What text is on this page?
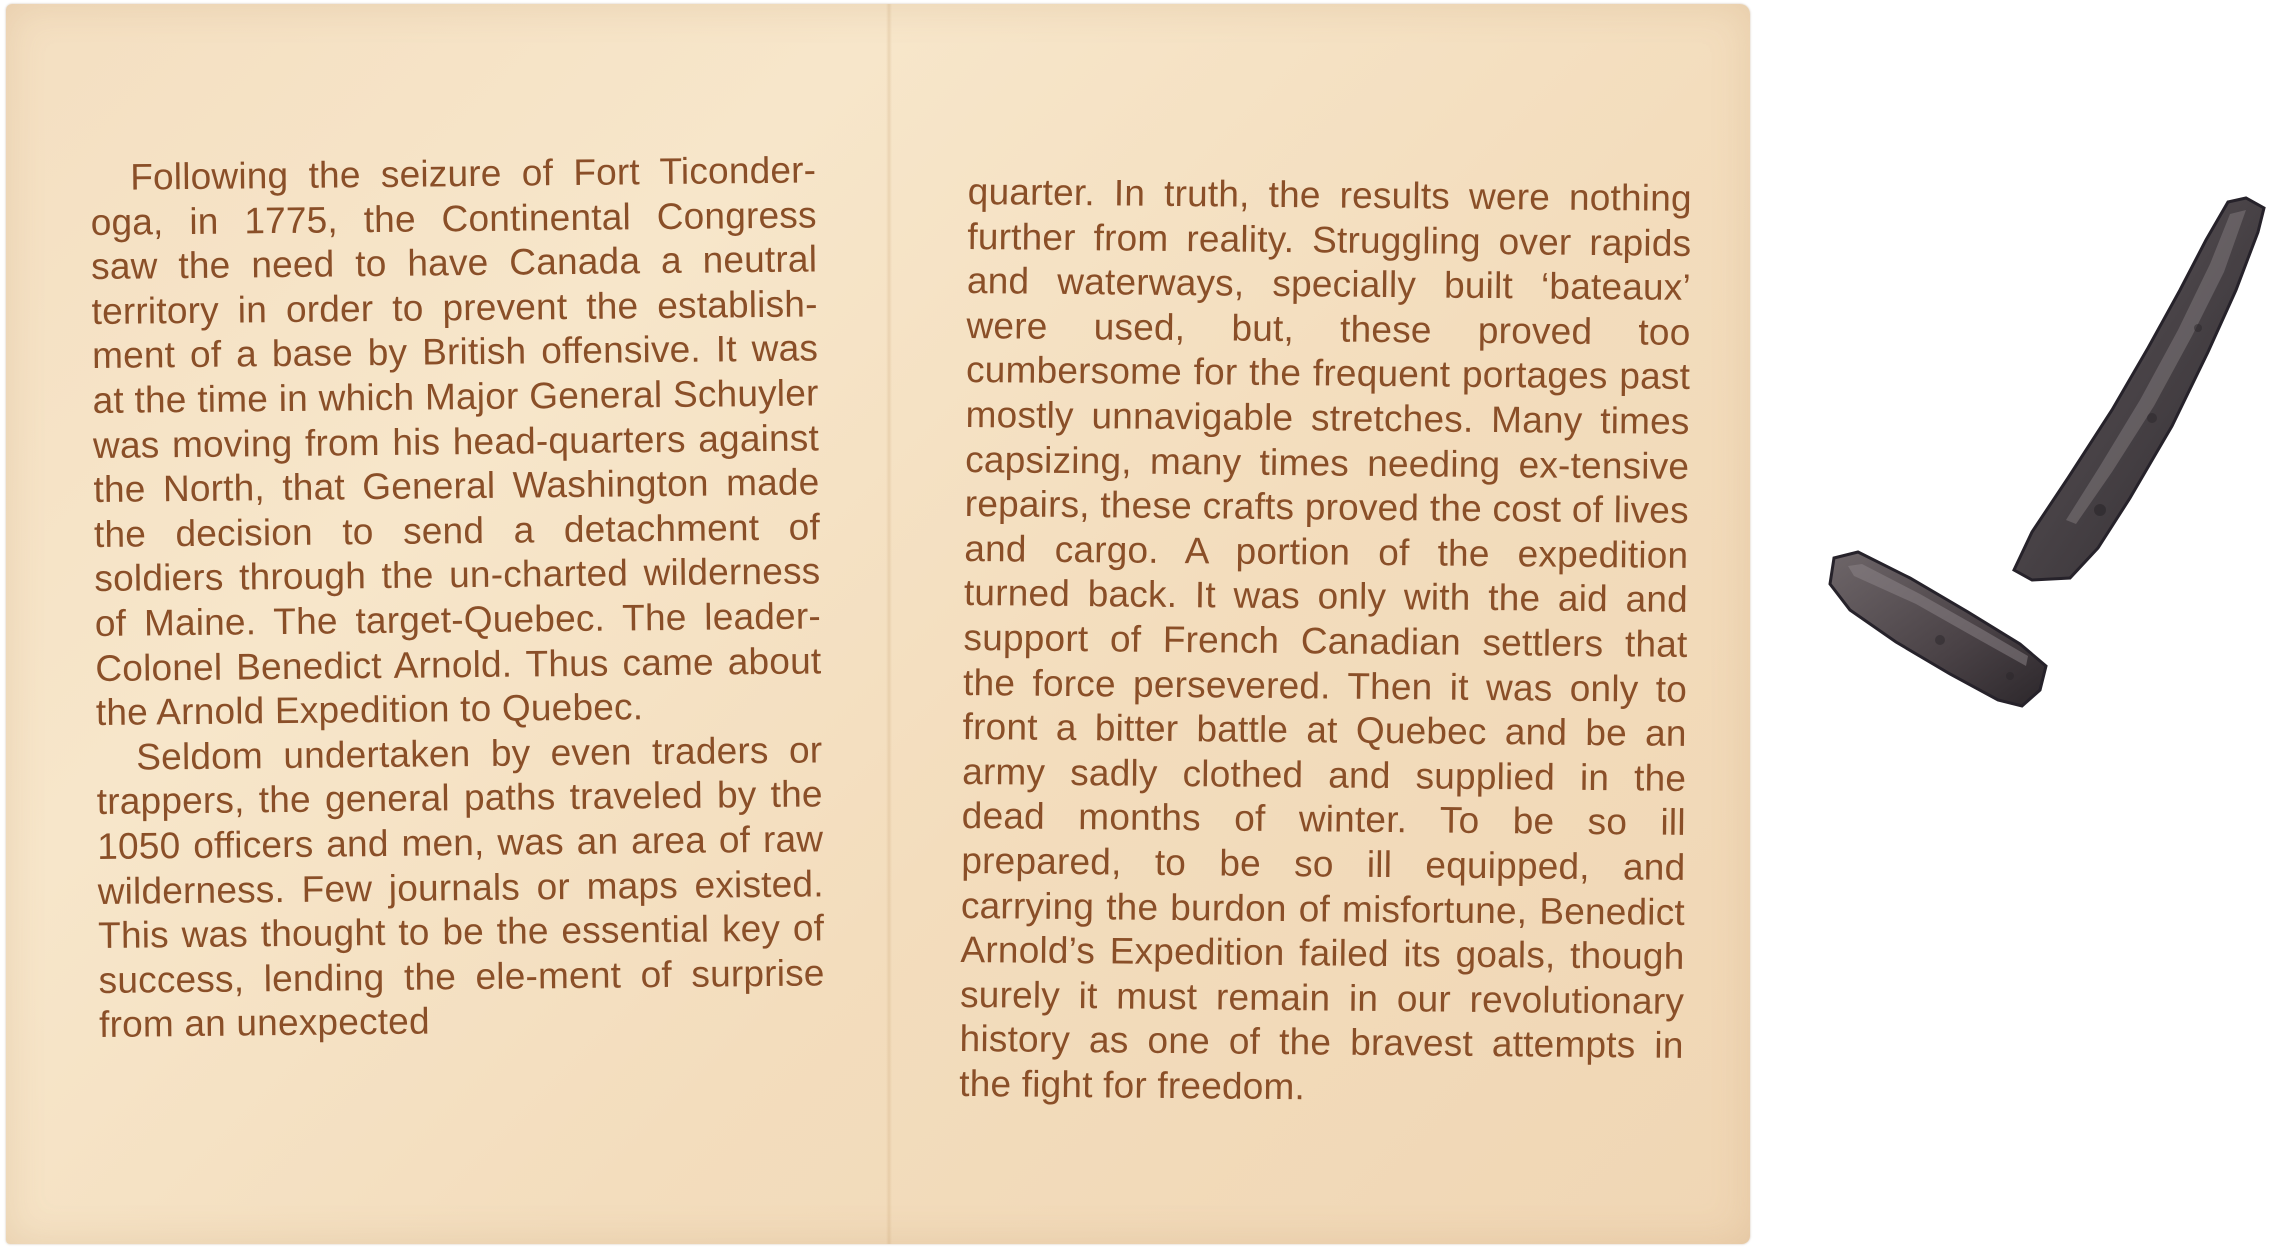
Following the seizure of Fort Ticonder-oga, in 1775, the Continental Congress saw the need to have Canada a neutral territory in order to prevent the establish-ment of a base by British offensive. It was at the time in which Major General Schuyler was moving from his head-quarters against the North, that General Washington made the decision to send a detachment of soldiers through the un-charted wilderness of Maine. The target-Quebec. The leader-Colonel Benedict Arnold. Thus came about the Arnold Expedition to Quebec.

Seldom undertaken by even traders or trappers, the general paths traveled by the 1050 officers and men, was an area of raw wilderness. Few journals or maps existed. This was thought to be the essential key of success, lending the ele-ment of surprise from an unexpected

quarter. In truth, the results were nothing further from reality. Struggling over rapids and waterways, specially built ‘bateaux’ were used, but, these proved too cumbersome for the frequent portages past mostly unnavigable stretches. Many times capsizing, many times needing ex-tensive repairs, these crafts proved the cost of lives and cargo. A portion of the expedition turned back. It was only with the aid and support of French Canadian settlers that the force persevered. Then it was only to front a bitter battle at Quebec and be an army sadly clothed and supplied in the dead months of winter. To be so ill prepared, to be so ill equipped, and carrying the burdon of misfortune, Benedict Arnold’s Expedition failed its goals, though surely it must remain in our revolutionary history as one of the bravest attempts in the fight for freedom.
